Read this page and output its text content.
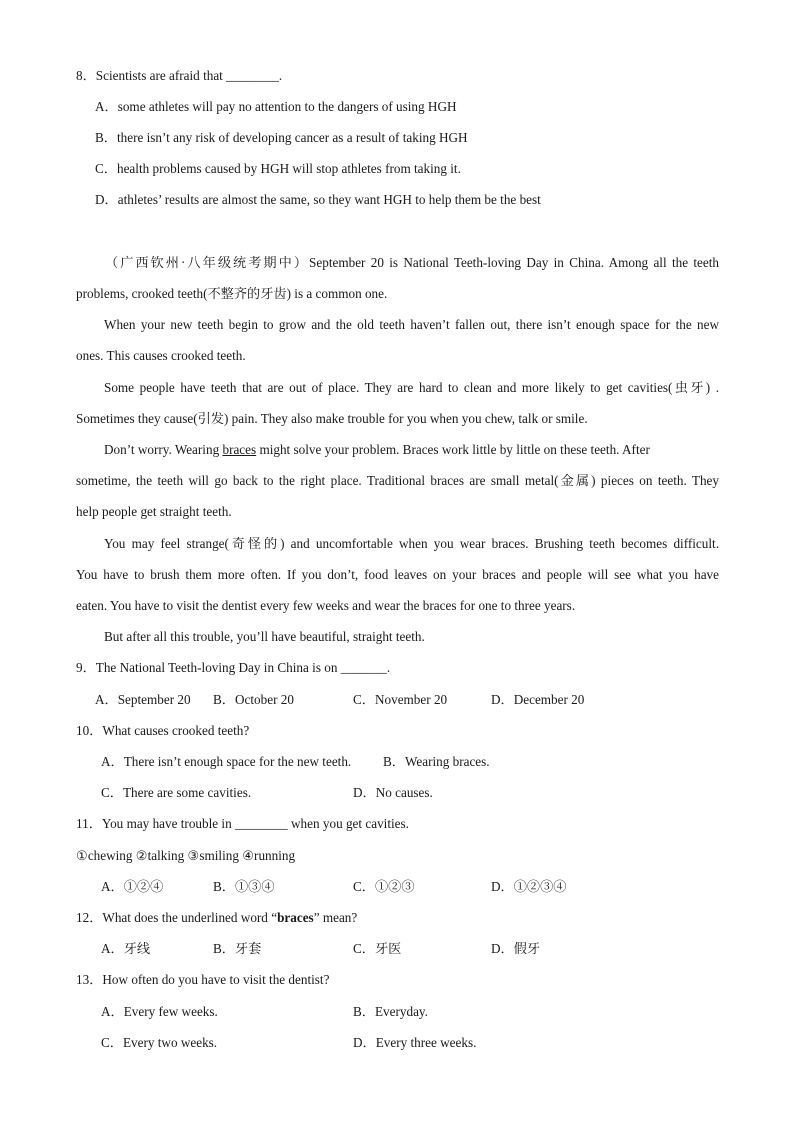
8．Scientists are afraid that ________.
A．some athletes will pay no attention to the dangers of using HGH
B．there isn’t any risk of developing cancer as a result of taking HGH
C．health problems caused by HGH will stop athletes from taking it.
D．athletes’ results are almost the same, so they want HGH to help them be the best
（广西钦州·八年级统考期中）September 20 is National Teeth-loving Day in China. Among all the teeth
problems, crooked teeth(不整齐的牙齿) is a common one.
When your new teeth begin to grow and the old teeth haven’t fallen out, there isn’t enough space for the new
ones. This causes crooked teeth.
Some people have teeth that are out of place. They are hard to clean and more likely to get cavities(虫牙) .
Sometimes they cause(引发) pain. They also make trouble for you when you chew, talk or smile.
Don’t worry. Wearing braces might solve your problem. Braces work little by little on these teeth. After
sometime, the teeth will go back to the right place. Traditional braces are small metal(金属) pieces on teeth. They
help people get straight teeth.
You may feel strange(奇怪的) and uncomfortable when you wear braces. Brushing teeth becomes difficult.
You have to brush them more often. If you don’t, food leaves on your braces and people will see what you have
eaten. You have to visit the dentist every few weeks and wear the braces for one to three years.
But after all this trouble, you’ll have beautiful, straight teeth.
9．The National Teeth-loving Day in China is on _______.
A．September 20 B．October 20	C．November 20	D．December 20
10．What causes crooked teeth?
A．There isn’t enough space for the new teeth. B．Wearing braces.
C．There are some cavities.	D．No causes.
11．You may have trouble in ________ when you get cavities.
①chewing ②talking ③smiling ④running
A．①②④	B．①③④	C．①②③	D．①②③④
12．What does the underlined word “braces” mean?
A．牙线	B．牙套	C．牙医	D．假牙
13．How often do you have to visit the dentist?
A．Every few weeks.	B．Everyday.
C．Every two weeks.	D．Every three weeks.
